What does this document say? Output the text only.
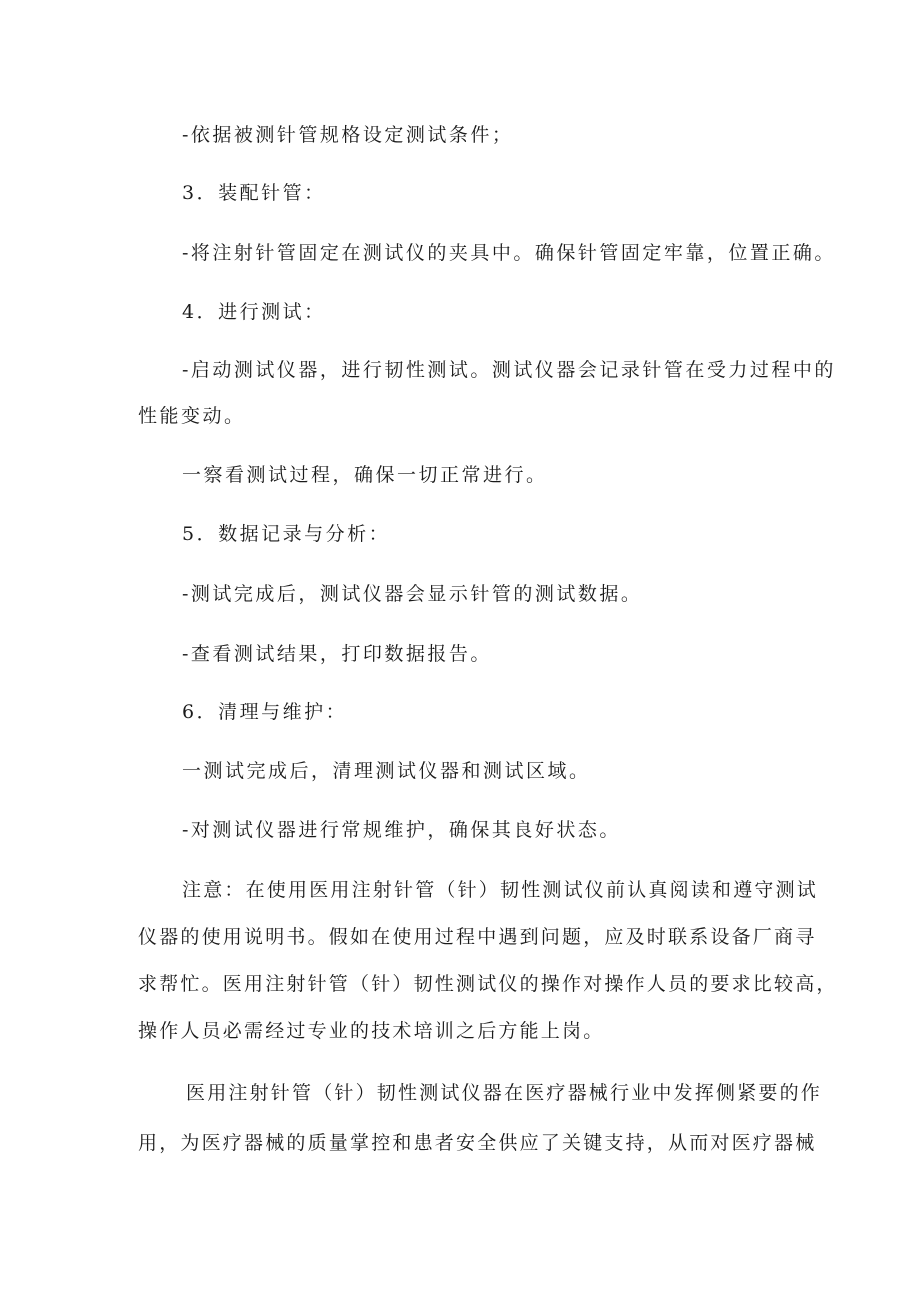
-依据被测针管规格设定测试条件；
3．装配针管：
-将注射针管固定在测试仪的夹具中。确保针管固定牢靠，位置正确。
4．进行测试：
-启动测试仪器，进行韧性测试。测试仪器会记录针管在受力过程中的
性能变动。
一察看测试过程，确保一切正常进行。
5．数据记录与分析：
-测试完成后，测试仪器会显示针管的测试数据。
-查看测试结果，打印数据报告。
6．清理与维护：
一测试完成后，清理测试仪器和测试区域。
-对测试仪器进行常规维护，确保其良好状态。
注意：在使用医用注射针管（针）韧性测试仪前认真阅读和遵守测试
仪器的使用说明书。假如在使用过程中遇到问题，应及时联系设备厂商寻
求帮忙。医用注射针管（针）韧性测试仪的操作对操作人员的要求比较高，
操作人员必需经过专业的技术培训之后方能上岗。
医用注射针管（针）韧性测试仪器在医疗器械行业中发挥侧紧要的作
用，为医疗器械的质量掌控和患者安全供应了关键支持，从而对医疗器械
